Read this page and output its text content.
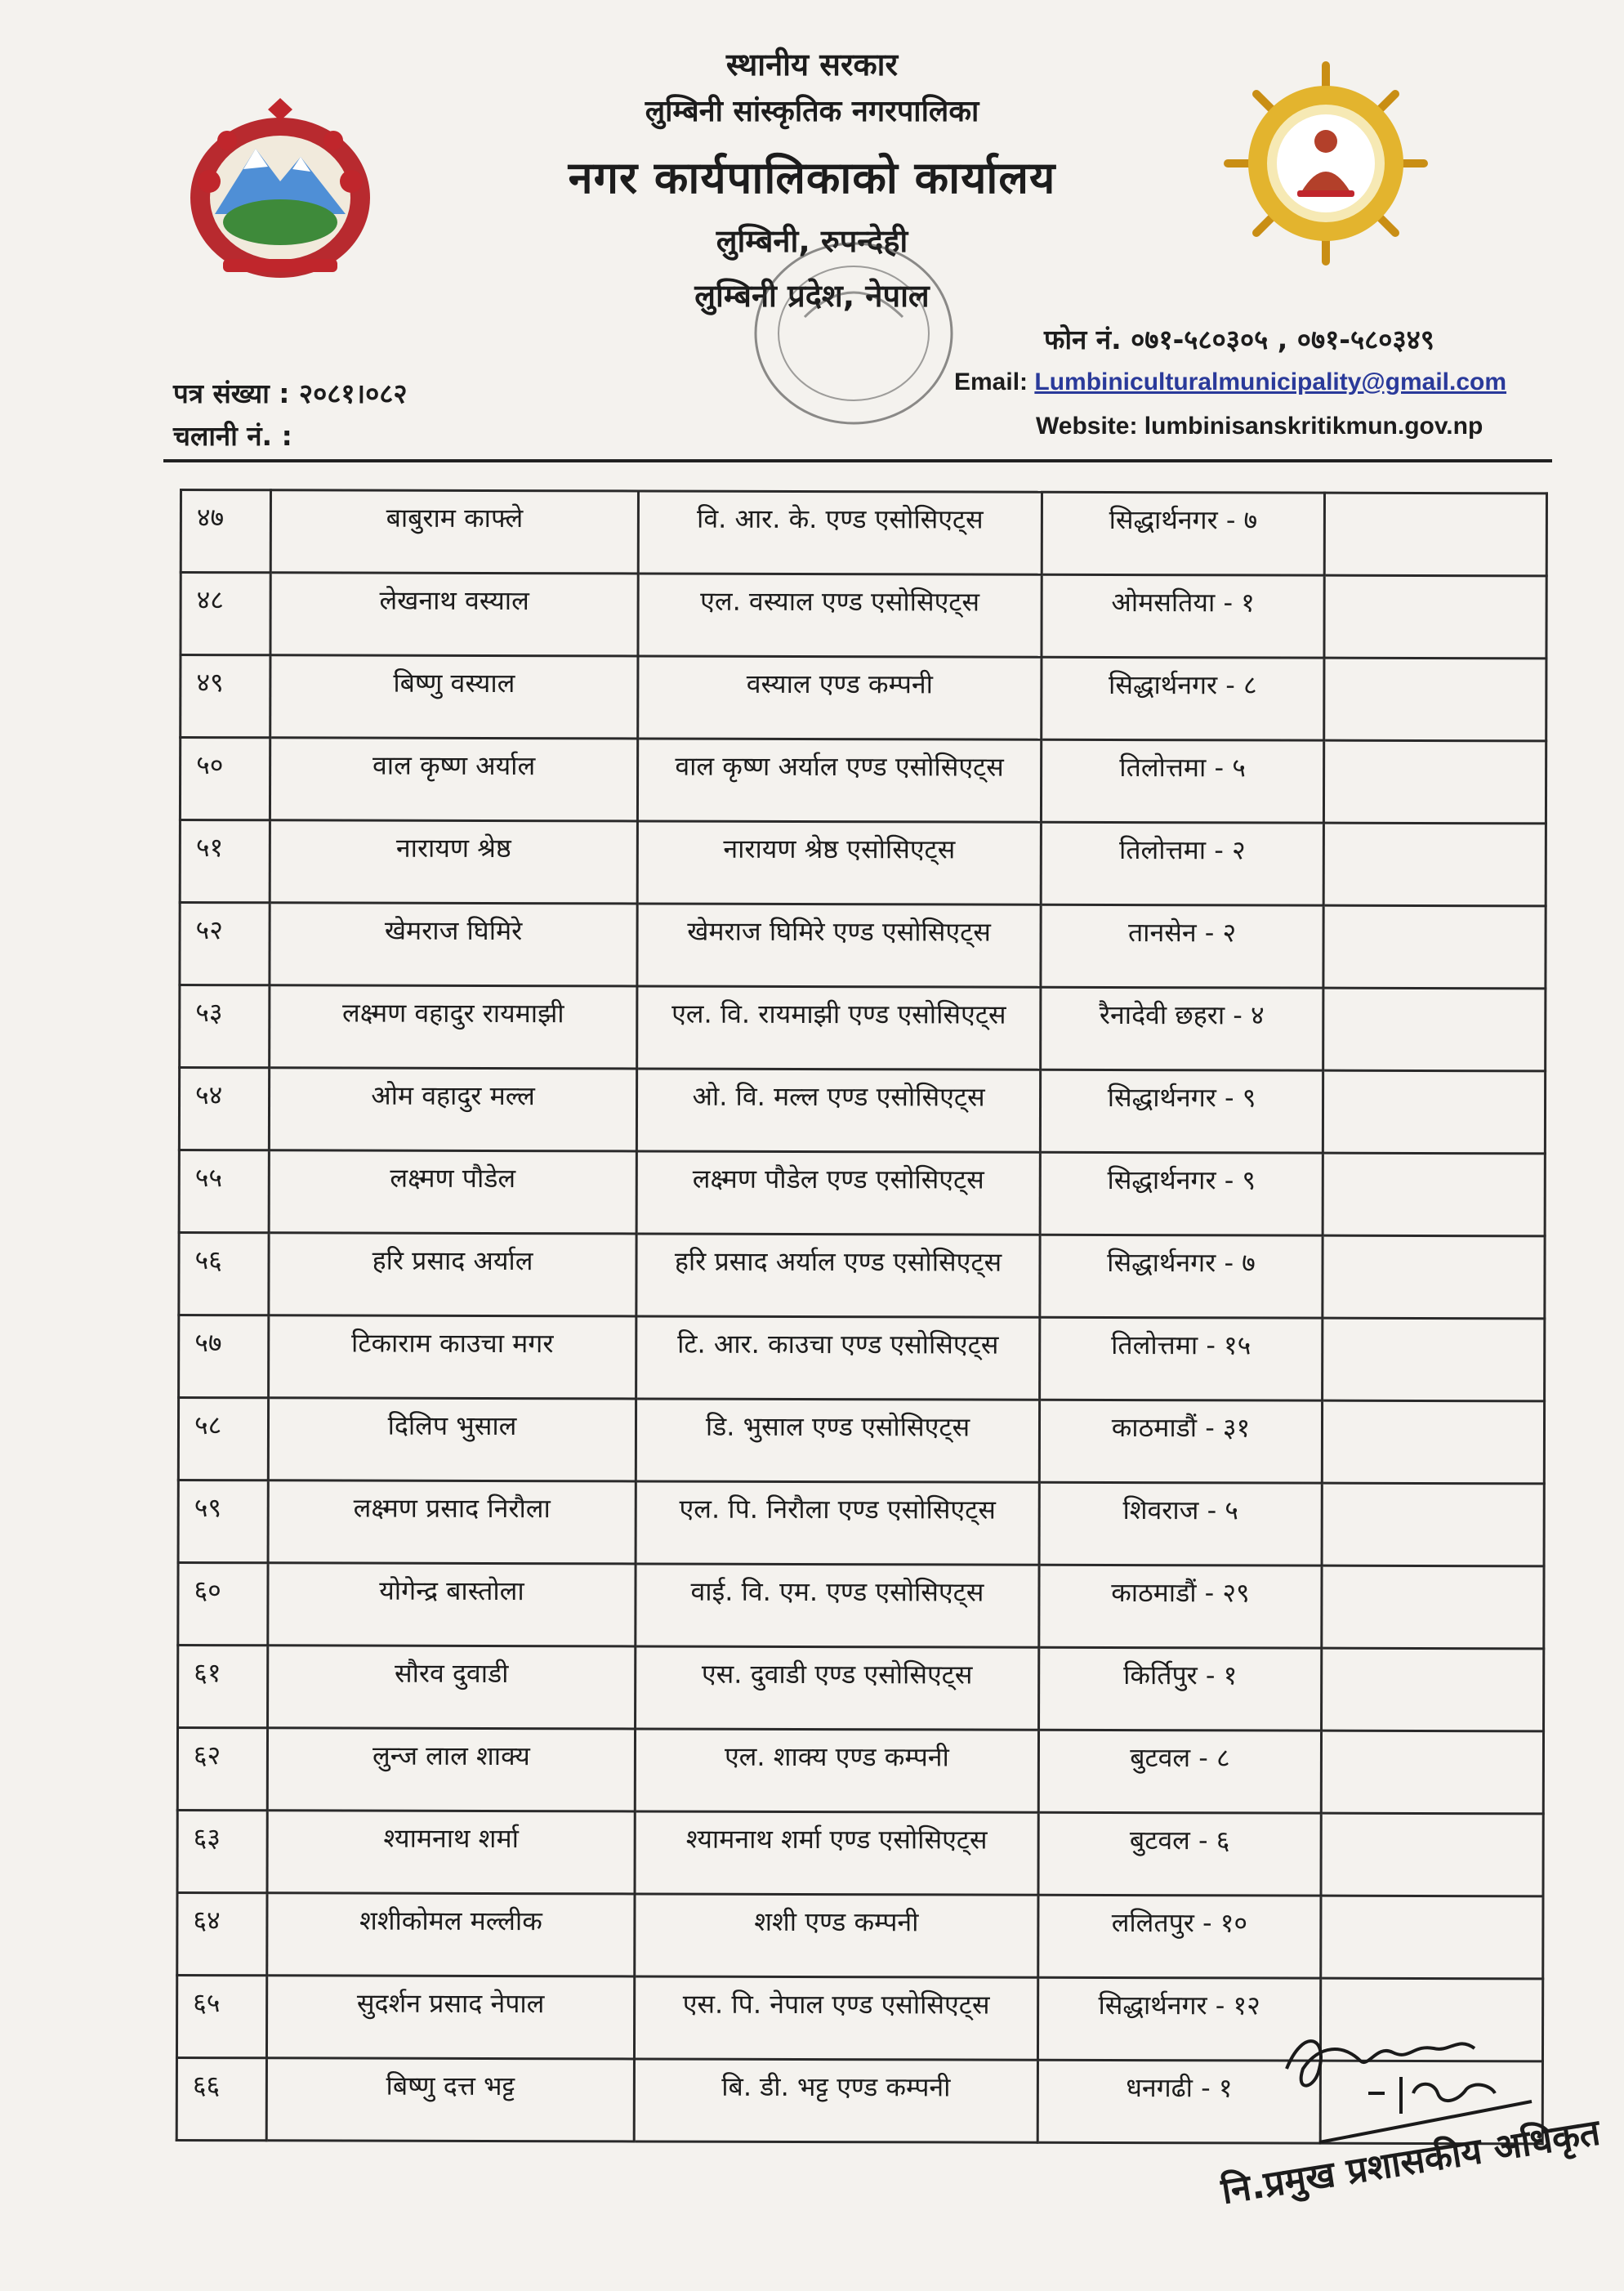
स्थानीय सरकार
लुम्बिनी सांस्कृतिक नगरपालिका
नगर कार्यपालिकाको कार्यालय
लुम्बिनी, रुपन्देही
लुम्बिनी प्रदेश, नेपाल
फोन नं. ०७१-५८०३०५ , ०७१-५८०३४९
पत्र संख्या : २०८१।०८२	Email: Lumbiniculturalmunicipality@gmail.com
चलानी नं. :	Website: lumbinisanskritikmun.gov.np
४७	बाबुराम काफ्ले	वि. आर. के. एण्ड एसोसिएट्स	सिद्धार्थनगर - ७	
४८	लेखनाथ वस्याल	एल. वस्याल एण्ड एसोसिएट्स	ओमसतिया - १	
४९	बिष्णु वस्याल	वस्याल एण्ड कम्पनी	सिद्धार्थनगर - ८	
५०	वाल कृष्ण अर्याल	वाल कृष्ण अर्याल एण्ड एसोसिएट्स	तिलोत्तमा - ५	
५१	नारायण श्रेष्ठ	नारायण श्रेष्ठ एसोसिएट्स	तिलोत्तमा - २	
५२	खेमराज घिमिरे	खेमराज घिमिरे एण्ड एसोसिएट्स	तानसेन - २	
५३	लक्ष्मण वहादुर रायमाझी	एल. वि. रायमाझी एण्ड एसोसिएट्स	रैनादेवी छहरा - ४	
५४	ओम वहादुर मल्ल	ओ. वि. मल्ल एण्ड एसोसिएट्स	सिद्धार्थनगर - ९	
५५	लक्ष्मण पौडेल	लक्ष्मण पौडेल एण्ड एसोसिएट्स	सिद्धार्थनगर - ९	
५६	हरि प्रसाद अर्याल	हरि प्रसाद अर्याल एण्ड एसोसिएट्स	सिद्धार्थनगर - ७	
५७	टिकाराम काउचा मगर	टि. आर. काउचा एण्ड एसोसिएट्स	तिलोत्तमा - १५	
५८	दिलिप भुसाल	डि. भुसाल एण्ड एसोसिएट्स	काठमाडौं - ३१	
५९	लक्ष्मण प्रसाद निरौला	एल. पि. निरौला एण्ड एसोसिएट्स	शिवराज - ५	
६०	योगेन्द्र बास्तोला	वाई. वि. एम. एण्ड एसोसिएट्स	काठमाडौं - २९	
६१	सौरव दुवाडी	एस. दुवाडी एण्ड एसोसिएट्स	किर्तिपुर - १	
६२	लुन्ज लाल शाक्य	एल. शाक्य एण्ड कम्पनी	बुटवल - ८	
६३	श्यामनाथ शर्मा	श्यामनाथ शर्मा एण्ड एसोसिएट्स	बुटवल - ६	
६४	शशीकोमल मल्लीक	शशी एण्ड कम्पनी	ललितपुर - १०	
६५	सुदर्शन प्रसाद नेपाल	एस. पि. नेपाल एण्ड एसोसिएट्स	सिद्धार्थनगर - १२	
६६	बिष्णु दत्त भट्ट	बि. डी. भट्ट एण्ड कम्पनी	धनगढी - १	
नि.प्रमुख प्रशासकीय अधिकृत
